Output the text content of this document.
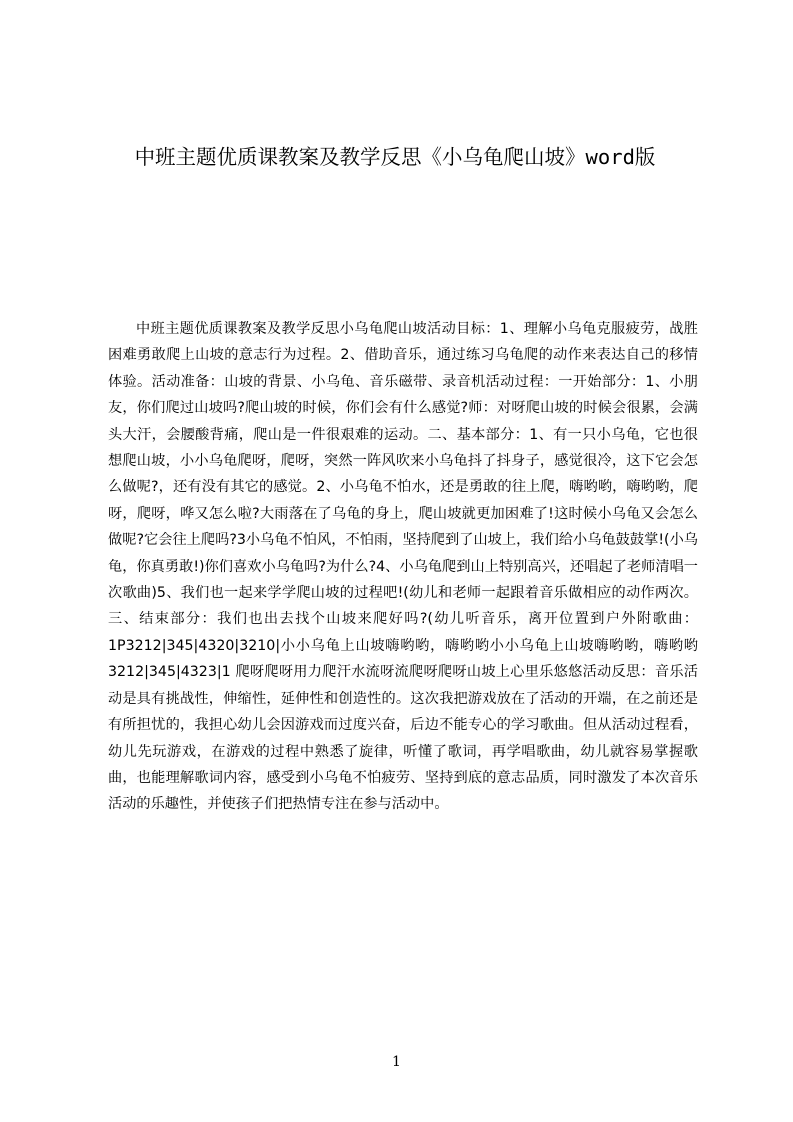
中班主题优质课教案及教学反思《小乌龟爬山坡》word版
中班主题优质课教案及教学反思小乌龟爬山坡活动目标：1、理解小乌龟克服疲劳，战胜困难勇敢爬上山坡的意志行为过程。2、借助音乐，通过练习乌龟爬的动作来表达自己的移情体验。活动准备：山坡的背景、小乌龟、音乐磁带、录音机活动过程：一开始部分：1、小朋友，你们爬过山坡吗?爬山坡的时候，你们会有什么感觉?师：对呀爬山坡的时候会很累，会满头大汗，会腰酸背痛，爬山是一件很艰难的运动。二、基本部分：1、有一只小乌龟，它也很想爬山坡，小小乌龟爬呀，爬呀，突然一阵风吹来小乌龟抖了抖身子，感觉很冷，这下它会怎么做呢?，还有没有其它的感觉。2、小乌龟不怕水，还是勇敢的往上爬，嗨哟哟，嗨哟哟，爬呀，爬呀，哗又怎么啦?大雨落在了乌龟的身上，爬山坡就更加困难了!这时候小乌龟又会怎么做呢?它会往上爬吗?3小乌龟不怕风，不怕雨，坚持爬到了山坡上，我们给小乌龟鼓鼓掌!(小乌龟，你真勇敢!)你们喜欢小乌龟吗?为什么?4、小乌龟爬到山上特别高兴，还唱起了老师清唱一次歌曲)5、我们也一起来学学爬山坡的过程吧!(幼儿和老师一起跟着音乐做相应的动作两次。三、结束部分：我们也出去找个山坡来爬好吗?(幼儿听音乐，离开位置到户外附歌曲：1P3212|345|4320|3210|小小乌龟上山坡嗨哟哟，嗨哟哟小小乌龟上山坡嗨哟哟，嗨哟哟 3212|345|4323|1 爬呀爬呀用力爬汗水流呀流爬呀爬呀山坡上心里乐悠悠活动反思：音乐活动是具有挑战性，伸缩性，延伸性和创造性的。这次我把游戏放在了活动的开端，在之前还是有所担忧的，我担心幼儿会因游戏而过度兴奋，后边不能专心的学习歌曲。但从活动过程看，幼儿先玩游戏，在游戏的过程中熟悉了旋律，听懂了歌词，再学唱歌曲，幼儿就容易掌握歌曲，也能理解歌词内容，感受到小乌龟不怕疲劳、坚持到底的意志品质，同时激发了本次音乐活动的乐趣性，并使孩子们把热情专注在参与活动中。
1
